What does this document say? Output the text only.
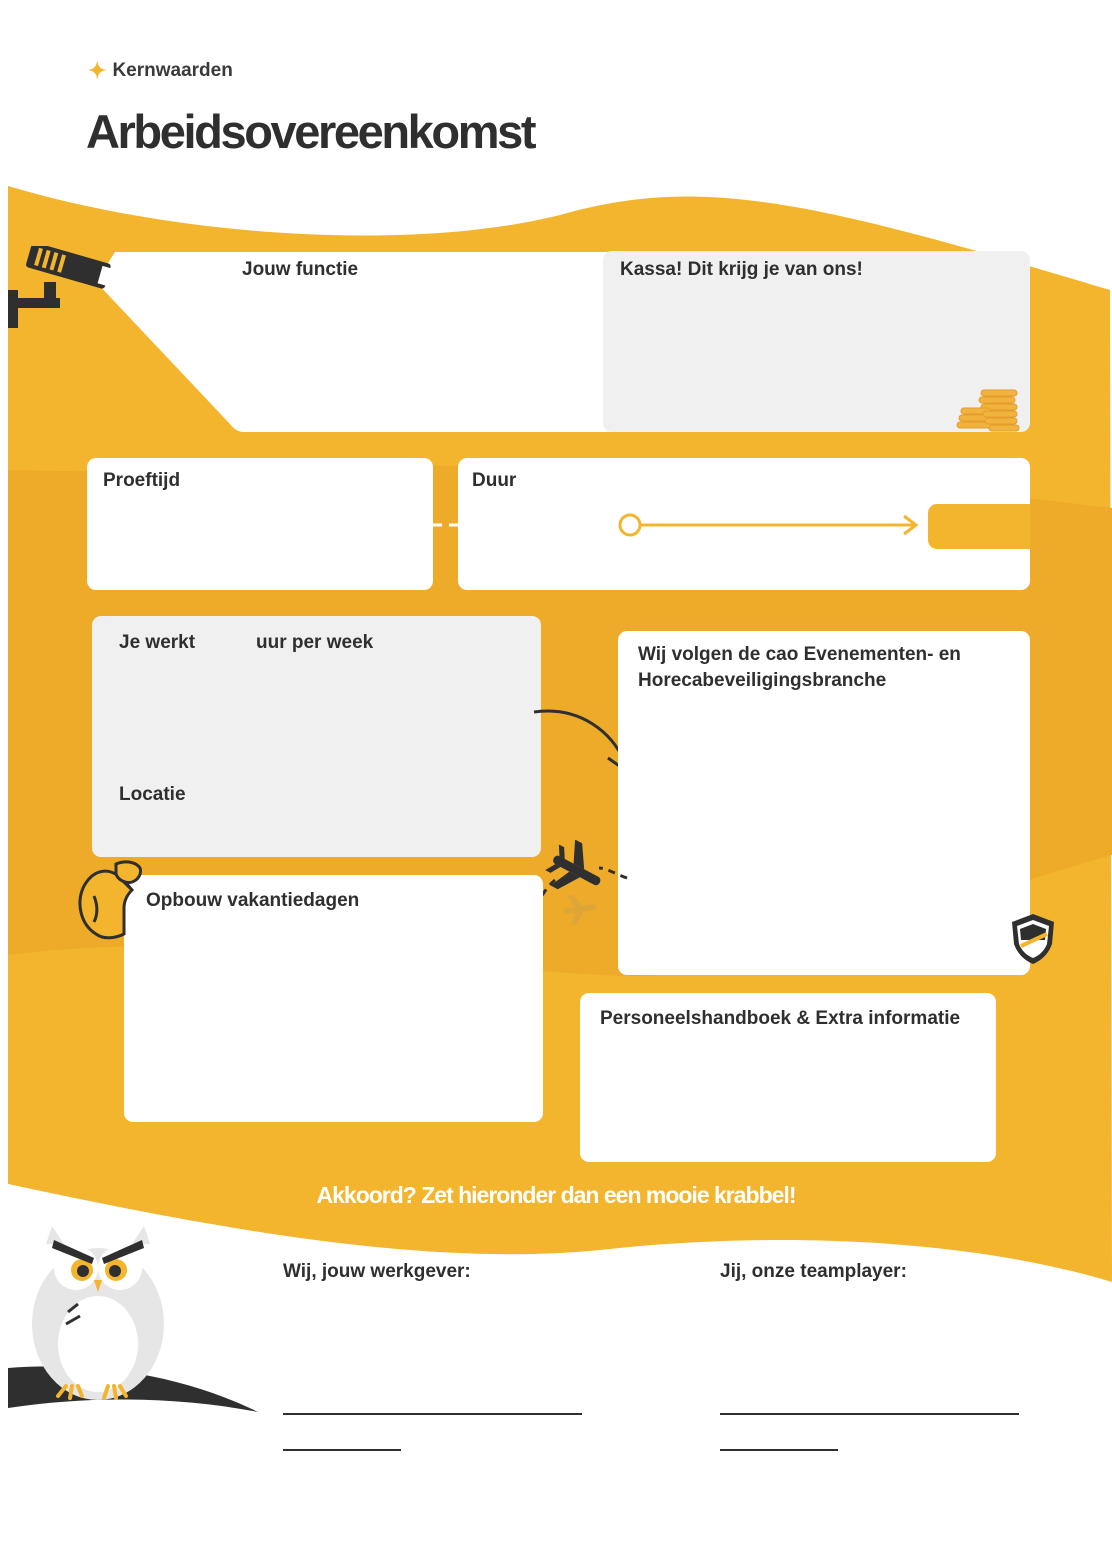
✦ Kernwaarden
Arbeidsovereenkomst

Jouw functie	Kassa! Dit krijg je van ons!

Proeftijd	Duur

Je werkt	uur per week

Locatie

Wij volgen de cao Evenementen- en

Horecabeveiligingsbranche

Opbouw vakantiedagen

Personeelshandboek & Extra informatie

Akkoord? Zet hieronder dan een mooie krabbel!

Wij, jouw werkgever:	Jij, onze teamplayer:
